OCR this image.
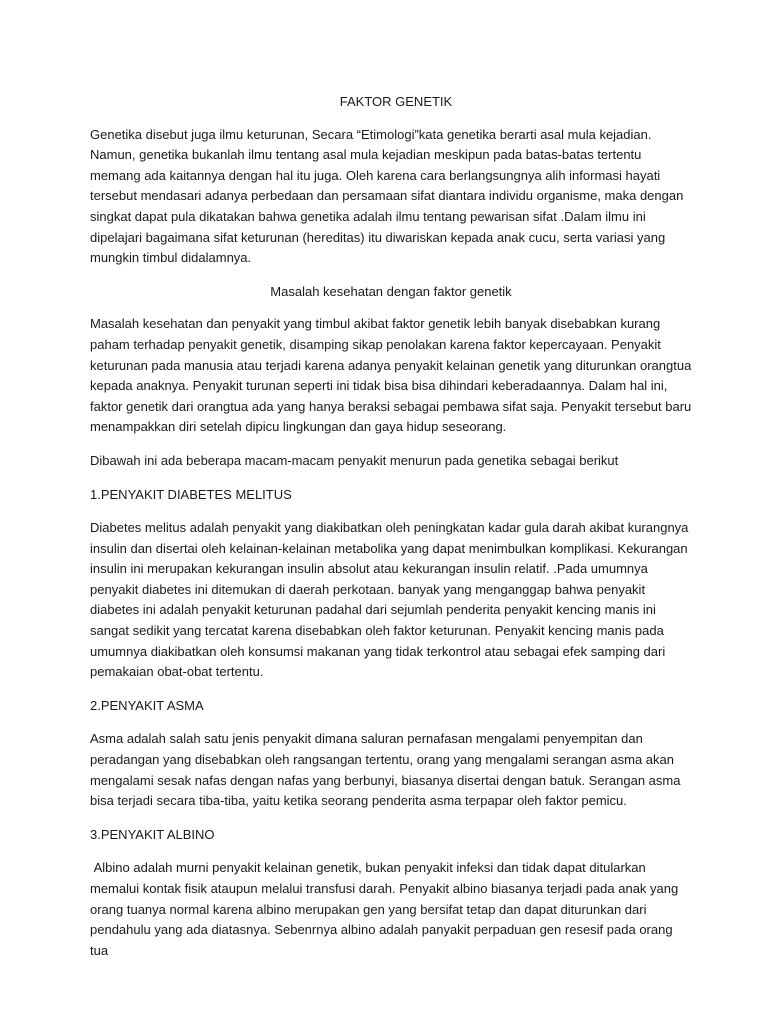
FAKTOR GENETIK

Genetika disebut juga ilmu keturunan, Secara “Etimologi”kata genetika berarti asal mula kejadian. Namun, genetika bukanlah ilmu tentang asal mula kejadian meskipun pada batas-batas tertentu memang ada kaitannya dengan hal itu juga. Oleh karena cara berlangsungnya alih informasi hayati tersebut mendasari adanya perbedaan dan persamaan sifat diantara individu organisme, maka dengan singkat dapat pula dikatakan bahwa genetika adalah ilmu tentang pewarisan sifat .Dalam ilmu ini dipelajari bagaimana sifat keturunan (hereditas) itu diwariskan kepada anak cucu, serta variasi yang mungkin timbul didalamnya.

Masalah kesehatan dengan faktor genetik

Masalah kesehatan dan penyakit yang timbul akibat faktor genetik lebih banyak disebabkan kurang paham terhadap penyakit genetik, disamping sikap penolakan karena faktor kepercayaan. Penyakit keturunan pada manusia atau terjadi karena adanya penyakit kelainan genetik yang diturunkan orangtua kepada anaknya. Penyakit turunan seperti ini tidak bisa bisa dihindari keberadaannya. Dalam hal ini, faktor genetik dari orangtua ada yang hanya beraksi sebagai pembawa sifat saja. Penyakit tersebut baru menampakkan diri setelah dipicu lingkungan dan gaya hidup seseorang.

Dibawah ini ada beberapa macam-macam penyakit menurun pada genetika sebagai berikut

1.PENYAKIT DIABETES MELITUS

Diabetes melitus adalah penyakit yang diakibatkan oleh peningkatan kadar gula darah akibat kurangnya insulin dan disertai oleh kelainan-kelainan metabolika yang dapat menimbulkan komplikasi. Kekurangan insulin ini merupakan kekurangan insulin absolut atau kekurangan insulin relatif. .Pada umumnya penyakit diabetes ini ditemukan di daerah perkotaan. banyak yang menganggap bahwa penyakit diabetes ini adalah penyakit keturunan padahal dari sejumlah penderita penyakit kencing manis ini sangat sedikit yang tercatat karena disebabkan oleh faktor keturunan. Penyakit kencing manis pada umumnya diakibatkan oleh konsumsi makanan yang tidak terkontrol atau sebagai efek samping dari pemakaian obat-obat tertentu.

2.PENYAKIT ASMA

Asma adalah salah satu jenis penyakit dimana saluran pernafasan mengalami penyempitan dan peradangan yang disebabkan oleh rangsangan tertentu, orang yang mengalami serangan asma akan mengalami sesak nafas dengan nafas yang berbunyi, biasanya disertai dengan batuk. Serangan asma bisa terjadi secara tiba-tiba, yaitu ketika seorang penderita asma terpapar oleh faktor pemicu.

3.PENYAKIT ALBINO

Albino adalah murni penyakit kelainan genetik, bukan penyakit infeksi dan tidak dapat ditularkan memalui kontak fisik ataupun melalui transfusi darah. Penyakit albino biasanya terjadi pada anak yang orang tuanya normal karena albino merupakan gen yang bersifat tetap dan dapat diturunkan dari pendahulu yang ada diatasnya. Sebenrnya albino adalah panyakit perpaduan gen resesif pada orang tua
